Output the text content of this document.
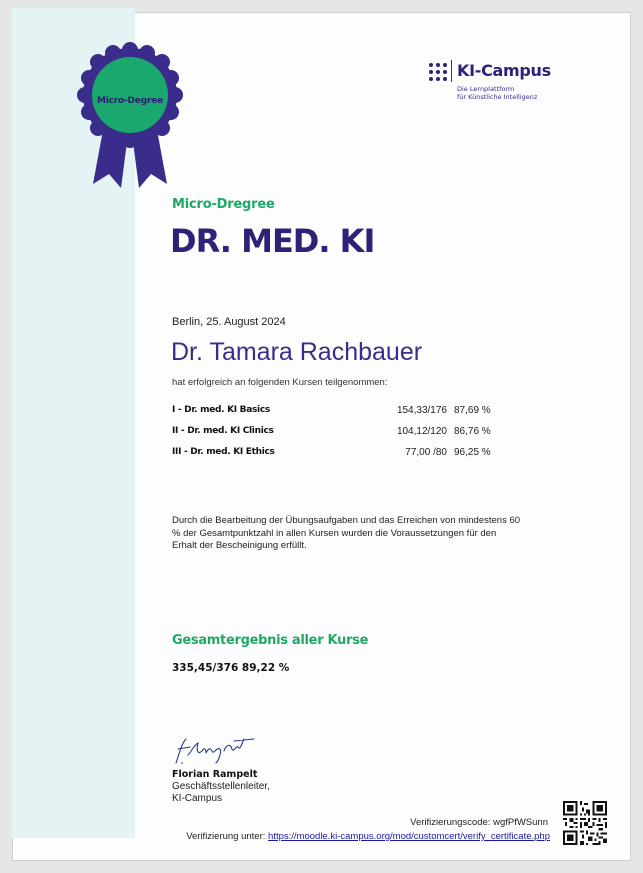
Micro-Degree
KI-Campus
Die Lernplattform
für Künstliche Intelligenz
Micro-Dregree
DR. MED. KI
Berlin, 25. August 2024
Dr. Tamara Rachbauer
hat erfolgreich an folgenden Kursen teilgenommen:
I - Dr. med. KI Basics	154,33/176 87,69 %
II - Dr. med. KI Clinics	104,12/120 86,76 %
III - Dr. med. KI Ethics	77,00 /80 96,25 %
Durch die Bearbeitung der Übungsaufgaben und das Erreichen von mindestens 60 % der Gesamtpunktzahl in allen Kursen wurden die Voraussetzungen für den Erhalt der Bescheinigung erfüllt.
Gesamtergebnis aller Kurse
335,45/376 89,22 %
Florian Rampelt
Geschäftsstellenleiter,
KI-Campus
Verifizierungscode: wgfPfWSunn
Verifizierung unter: https://moodle.ki-campus.org/mod/customcert/verify_certificate.php
